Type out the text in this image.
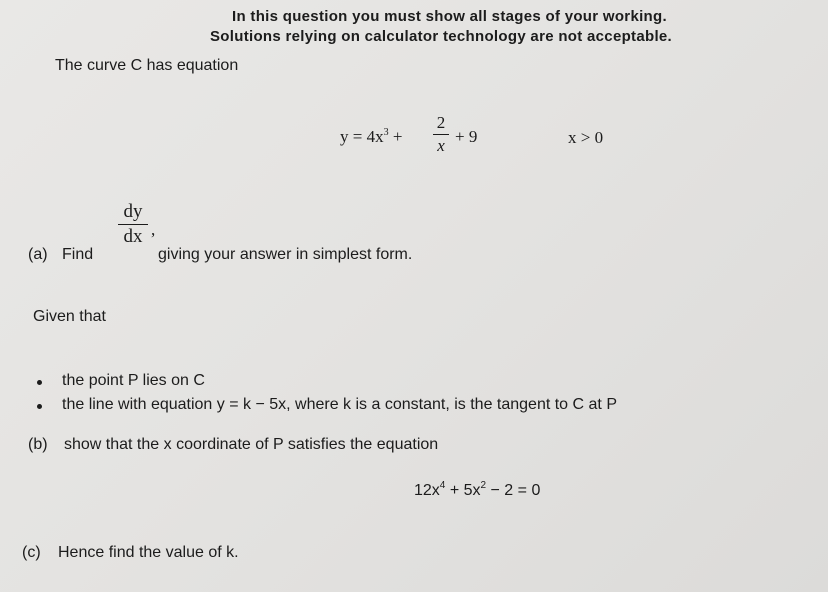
In this question you must show all stages of your working.
Solutions relying on calculator technology are not acceptable.
The curve C has equation
$y = 4x^3$ +
2
x + 9	x > 0
(a) Find
dy
dx ,
giving your answer in simplest form.
Given that
the point P lies on C
the line with equation y = k − 5x, where k is a constant, is the tangent to C at P
(b) show that the x coordinate of P satisfies the equation
$12x^4 + 5x^2 - 2 = 0$
(c) Hence find the value of k.
